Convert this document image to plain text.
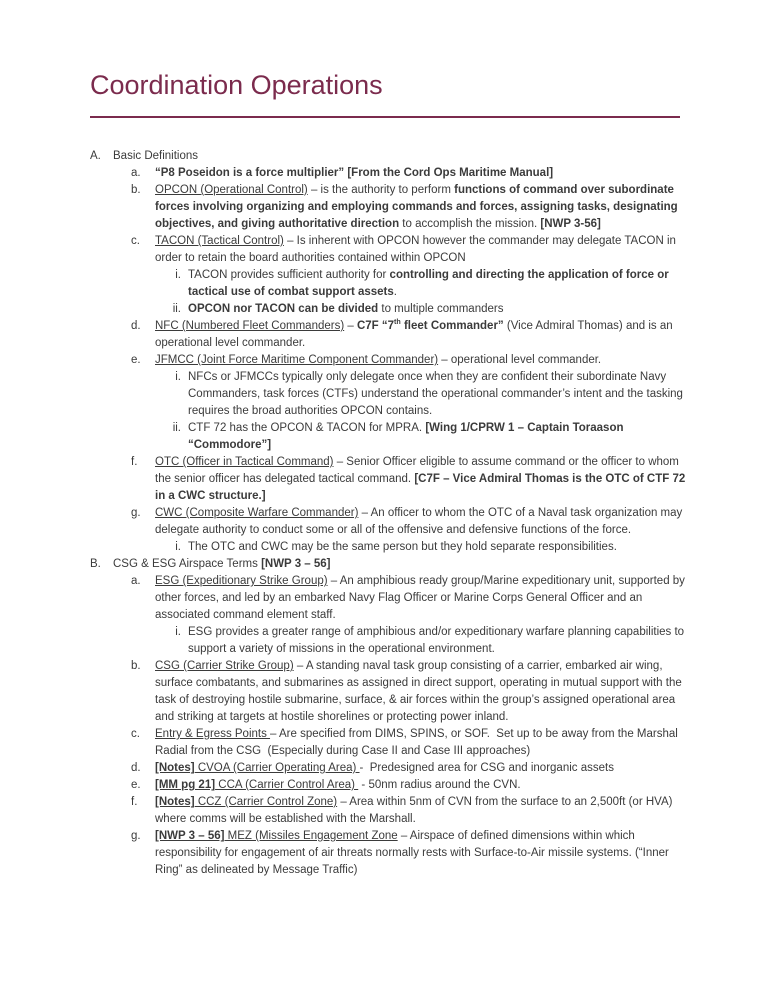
Coordination Operations
A.	Basic Definitions
a.	“P8 Poseidon is a force multiplier” [From the Cord Ops Maritime Manual]
b.	OPCON (Operational Control) – is the authority to perform functions of command over subordinate forces involving organizing and employing commands and forces, assigning tasks, designating objectives, and giving authoritative direction to accomplish the mission. [NWP 3-56]
c.	TACON (Tactical Control) – Is inherent with OPCON however the commander may delegate TACON in order to retain the board authorities contained within OPCON
i. TACON provides sufficient authority for controlling and directing the application of force or tactical use of combat support assets.
ii. OPCON nor TACON can be divided to multiple commanders
d.	NFC (Numbered Fleet Commanders) – C7F “7th fleet Commander” (Vice Admiral Thomas) and is an operational level commander.
e.	JFMCC (Joint Force Maritime Component Commander) – operational level commander.
i. NFCs or JFMCCs typically only delegate once when they are confident their subordinate Navy Commanders, task forces (CTFs) understand the operational commander’s intent and the tasking requires the broad authorities OPCON contains.
ii. CTF 72 has the OPCON & TACON for MPRA. [Wing 1/CPRW 1 – Captain Toraason “Commodore”]
f.	OTC (Officer in Tactical Command) – Senior Officer eligible to assume command or the officer to whom the senior officer has delegated tactical command. [C7F – Vice Admiral Thomas is the OTC of CTF 72 in a CWC structure.]
g.	CWC (Composite Warfare Commander) – An officer to whom the OTC of a Naval task organization may delegate authority to conduct some or all of the offensive and defensive functions of the force.
i. The OTC and CWC may be the same person but they hold separate responsibilities.
B.	CSG & ESG Airspace Terms [NWP 3 – 56]
a.	ESG (Expeditionary Strike Group) – An amphibious ready group/Marine expeditionary unit, supported by other forces, and led by an embarked Navy Flag Officer or Marine Corps General Officer and an associated command element staff.
i. ESG provides a greater range of amphibious and/or expeditionary warfare planning capabilities to support a variety of missions in the operational environment.
b.	CSG (Carrier Strike Group) – A standing naval task group consisting of a carrier, embarked air wing, surface combatants, and submarines as assigned in direct support, operating in mutual support with the task of destroying hostile submarine, surface, & air forces within the group’s assigned operational area and striking at targets at hostile shorelines or protecting power inland.
c.	Entry & Egress Points – Are specified from DIMS, SPINS, or SOF.  Set up to be away from the Marshal Radial from the CSG  (Especially during Case II and Case III approaches)
d.	[Notes] CVOA (Carrier Operating Area) -  Predesigned area for CSG and inorganic assets
e.	[MM pg 21] CCA (Carrier Control Area)  - 50nm radius around the CVN.
f.	[Notes] CCZ (Carrier Control Zone) – Area within 5nm of CVN from the surface to an 2,500ft (or HVA) where comms will be established with the Marshall.
g.	[NWP 3 – 56] MEZ (Missiles Engagement Zone – Airspace of defined dimensions within which responsibility for engagement of air threats normally rests with Surface-to-Air missile systems. (“Inner Ring” as delineated by Message Traffic)
